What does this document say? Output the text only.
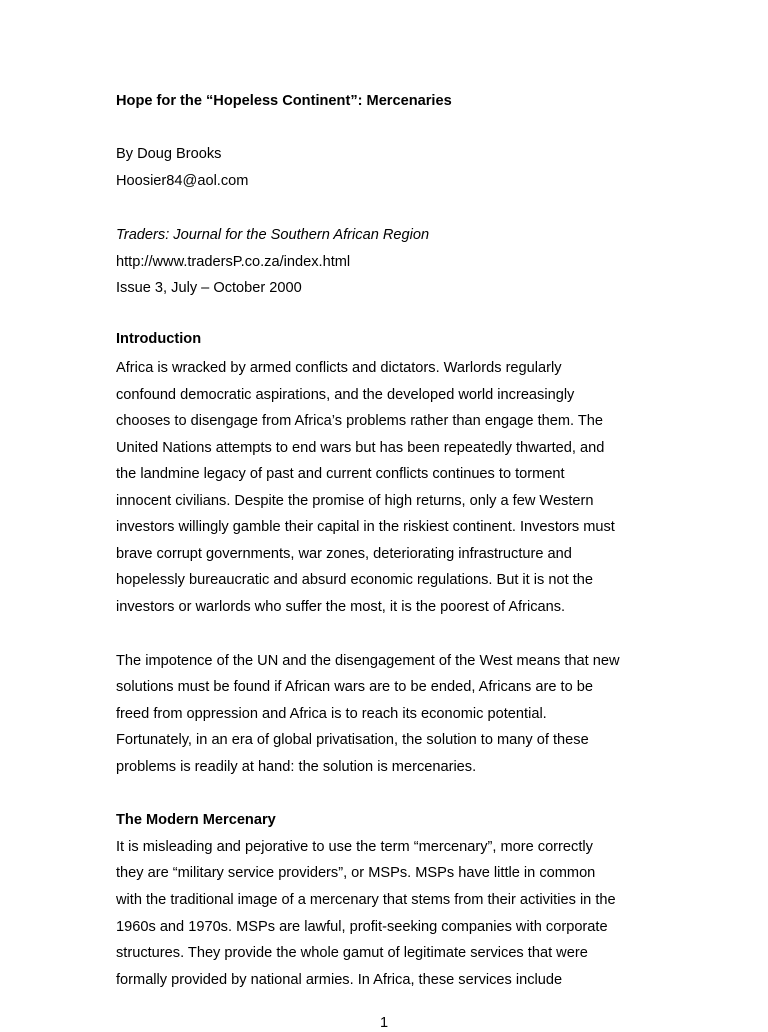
Hope for the “Hopeless Continent”: Mercenaries

By Doug Brooks

Hoosier84@aol.com

Traders: Journal for the Southern African Region

http://www.tradersP.co.za/index.html

Issue 3, July – October 2000

Introduction

Africa is wracked by armed conflicts and dictators. Warlords regularly

confound democratic aspirations, and the developed world increasingly

chooses to disengage from Africa’s problems rather than engage them. The

United Nations attempts to end wars but has been repeatedly thwarted, and

the landmine legacy of past and current conflicts continues to torment

innocent civilians. Despite the promise of high returns, only a few Western

investors willingly gamble their capital in the riskiest continent. Investors must

brave corrupt governments, war zones, deteriorating infrastructure and

hopelessly bureaucratic and absurd economic regulations. But it is not the

investors or warlords who suffer the most, it is the poorest of Africans.

The impotence of the UN and the disengagement of the West means that new

solutions must be found if African wars are to be ended, Africans are to be

freed from oppression and Africa is to reach its economic potential.

Fortunately, in an era of global privatisation, the solution to many of these

problems is readily at hand: the solution is mercenaries.

The Modern Mercenary

It is misleading and pejorative to use the term “mercenary”, more correctly

they are “military service providers”, or MSPs. MSPs have little in common

with the traditional image of a mercenary that stems from their activities in the

1960s and 1970s. MSPs are lawful, profit-seeking companies with corporate

structures. They provide the whole gamut of legitimate services that were

formally provided by national armies. In Africa, these services include

1
